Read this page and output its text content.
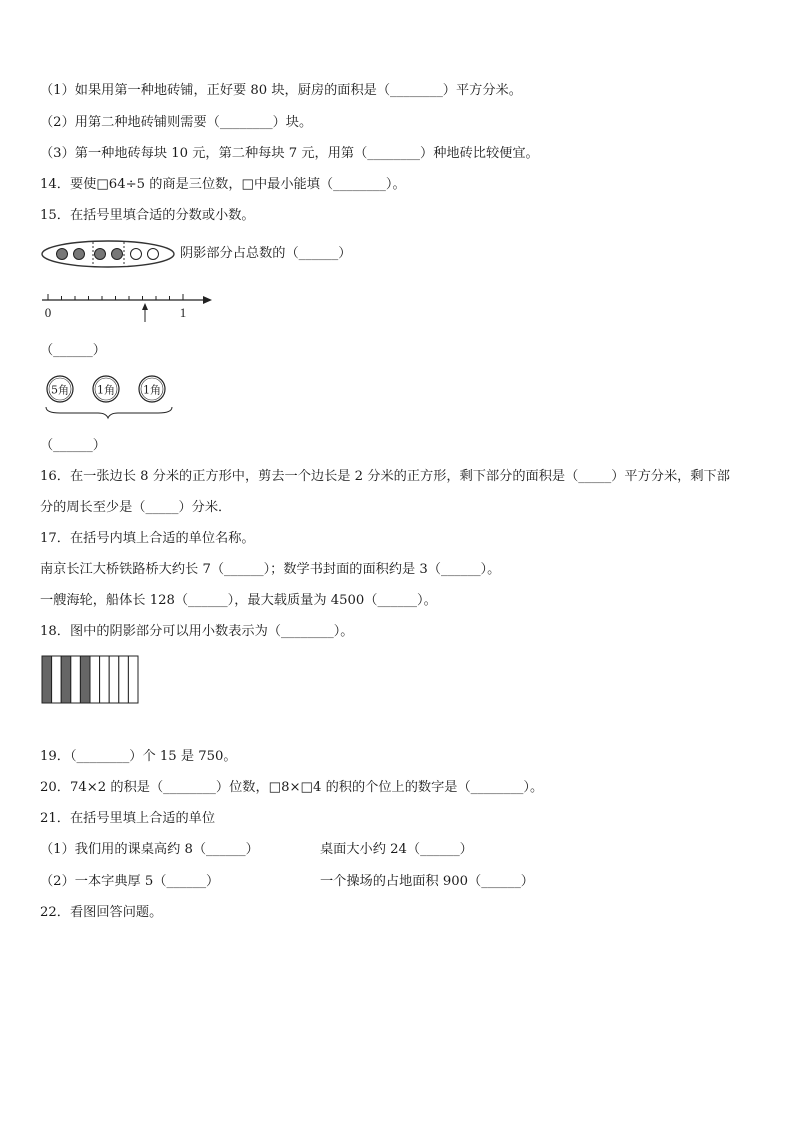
（1）如果用第一种地砖铺，正好要 80 块，厨房的面积是（________）平方分米。
（2）用第二种地砖铺则需要（________）块。
（3）第一种地砖每块 10 元，第二种每块 7 元，用第（________）种地砖比较便宜。
14．要使□64÷5 的商是三位数，□中最小能填（________）。
15．在括号里填合适的分数或小数。
阴影部分占总数的（______）
0	1
（______）
5角	1角	1角
（______）
16．在一张边长 8 分米的正方形中，剪去一个边长是 2 分米的正方形，剩下部分的面积是（_____）平方分米，剩下部
分的周长至少是（_____）分米．
17．在括号内填上合适的单位名称。
南京长江大桥铁路桥大约长 7（______）；数学书封面的面积约是 3（______）。
一艘海轮，船体长 128（______），最大载质量为 4500（______）。
18．图中的阴影部分可以用小数表示为（________）。
19．（________）个 15 是 750。
20．74×2 的积是（________）位数，□8×□4 的积的个位上的数字是（________）。
21．在括号里填上合适的单位
（1）我们用的课桌高约 8（______）	桌面大小约 24（______）
（2）一本字典厚 5（______）	一个操场的占地面积 900（______）
22．看图回答问题。
